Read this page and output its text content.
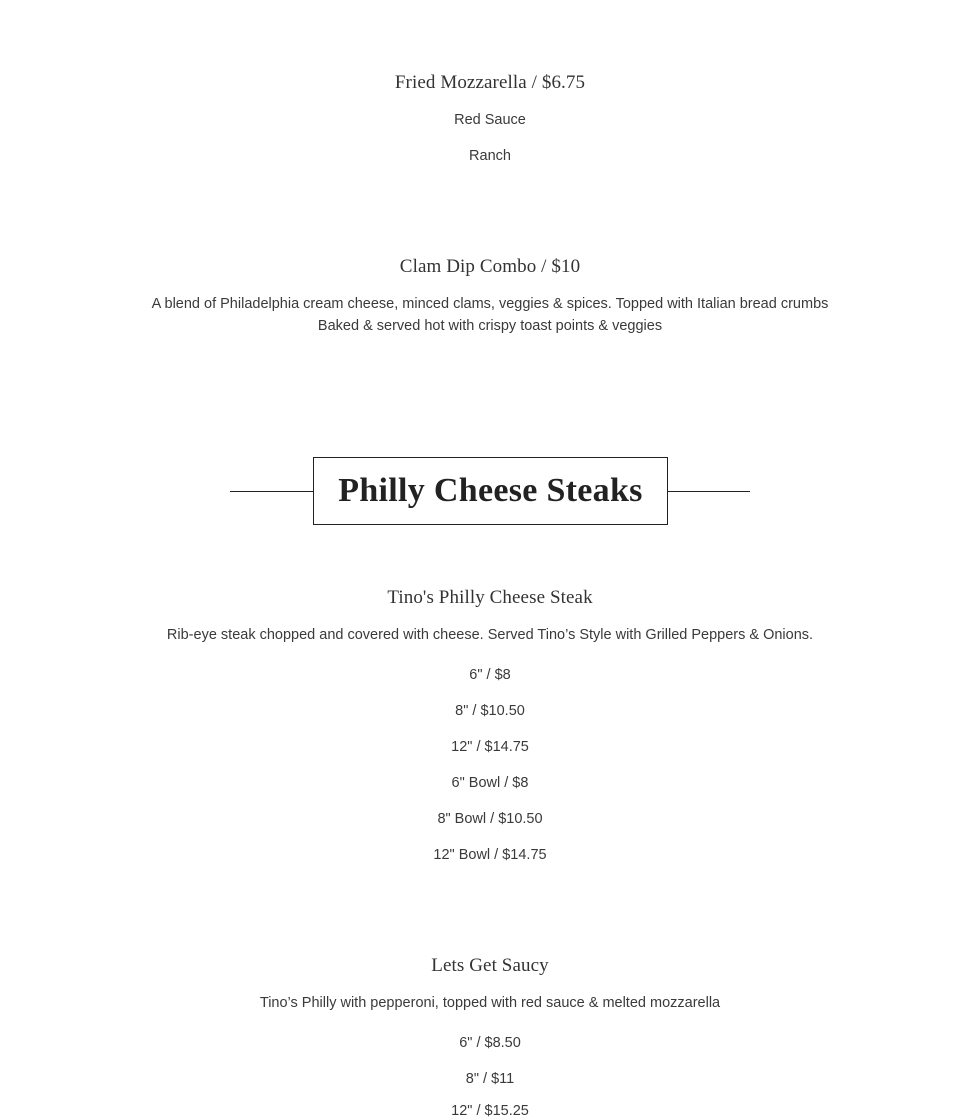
Fried Mozzarella / $6.75
Red Sauce
Ranch
Clam Dip Combo / $10
A blend of Philadelphia cream cheese, minced clams, veggies & spices. Topped with Italian bread crumbs
Baked & served hot with crispy toast points & veggies
Philly Cheese Steaks
Tino's Philly Cheese Steak
Rib-eye steak chopped and covered with cheese. Served Tino’s Style with Grilled Peppers & Onions.
6" / $8
8" / $10.50
12" / $14.75
6" Bowl / $8
8" Bowl / $10.50
12" Bowl / $14.75
Lets Get Saucy
Tino’s Philly with pepperoni, topped with red sauce & melted mozzarella
6" / $8.50
8" / $11
12" / $15.25
